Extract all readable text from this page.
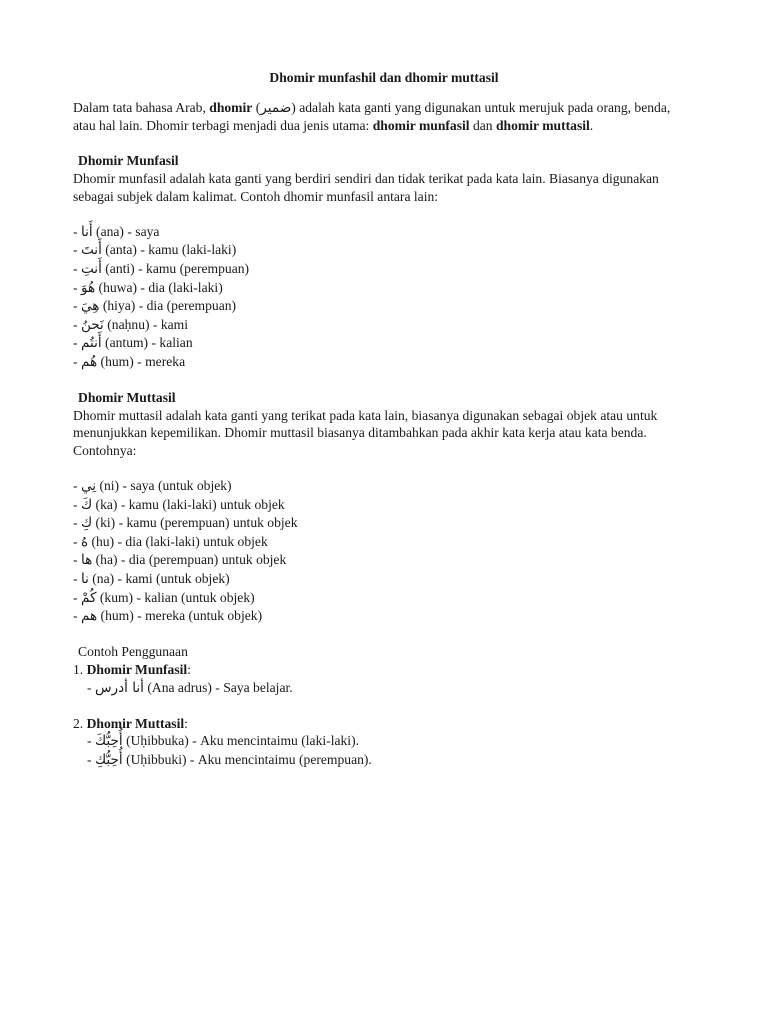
Dhomir munfashil dan dhomir muttasil

Dalam tata bahasa Arab, dhomir (ضمير) adalah kata ganti yang digunakan untuk merujuk pada orang, benda, atau hal lain. Dhomir terbagi menjadi dua jenis utama: dhomir munfasil dan dhomir muttasil.

Dhomir Munfasil

Dhomir munfasil adalah kata ganti yang berdiri sendiri dan tidak terikat pada kata lain. Biasanya digunakan sebagai subjek dalam kalimat. Contoh dhomir munfasil antara lain:

- أَنا (ana) - saya
- أَنتَ (anta) - kamu (laki-laki)
- أَنتِ (anti) - kamu (perempuan)
- هُوَ (huwa) - dia (laki-laki)
- هِيَ (hiya) - dia (perempuan)
- نَحنُ (naḥnu) - kami
- أَنتُم (antum) - kalian
- هُم (hum) - mereka

Dhomir Muttasil

Dhomir muttasil adalah kata ganti yang terikat pada kata lain, biasanya digunakan sebagai objek atau untuk menunjukkan kepemilikan. Dhomir muttasil biasanya ditambahkan pada akhir kata kerja atau kata benda. Contohnya:

- نِي (ni) - saya (untuk objek)
- كَ (ka) - kamu (laki-laki) untuk objek
- كِ (ki) - kamu (perempuan) untuk objek
- هُ (hu) - dia (laki-laki) untuk objek
- ها (ha) - dia (perempuan) untuk objek
- نا (na) - kami (untuk objek)
- كُمْ (kum) - kalian (untuk objek)
- هم (hum) - mereka (untuk objek)

Contoh Penggunaan

1. Dhomir Munfasil:

- أنا أدرس (Ana adrus) - Saya belajar.

2. Dhomir Muttasil:

- أُحِبُّكَ (Uḥibbuka) - Aku mencintaimu (laki-laki).

- أُحِبُّكِ (Uḥibbuki) - Aku mencintaimu (perempuan).
